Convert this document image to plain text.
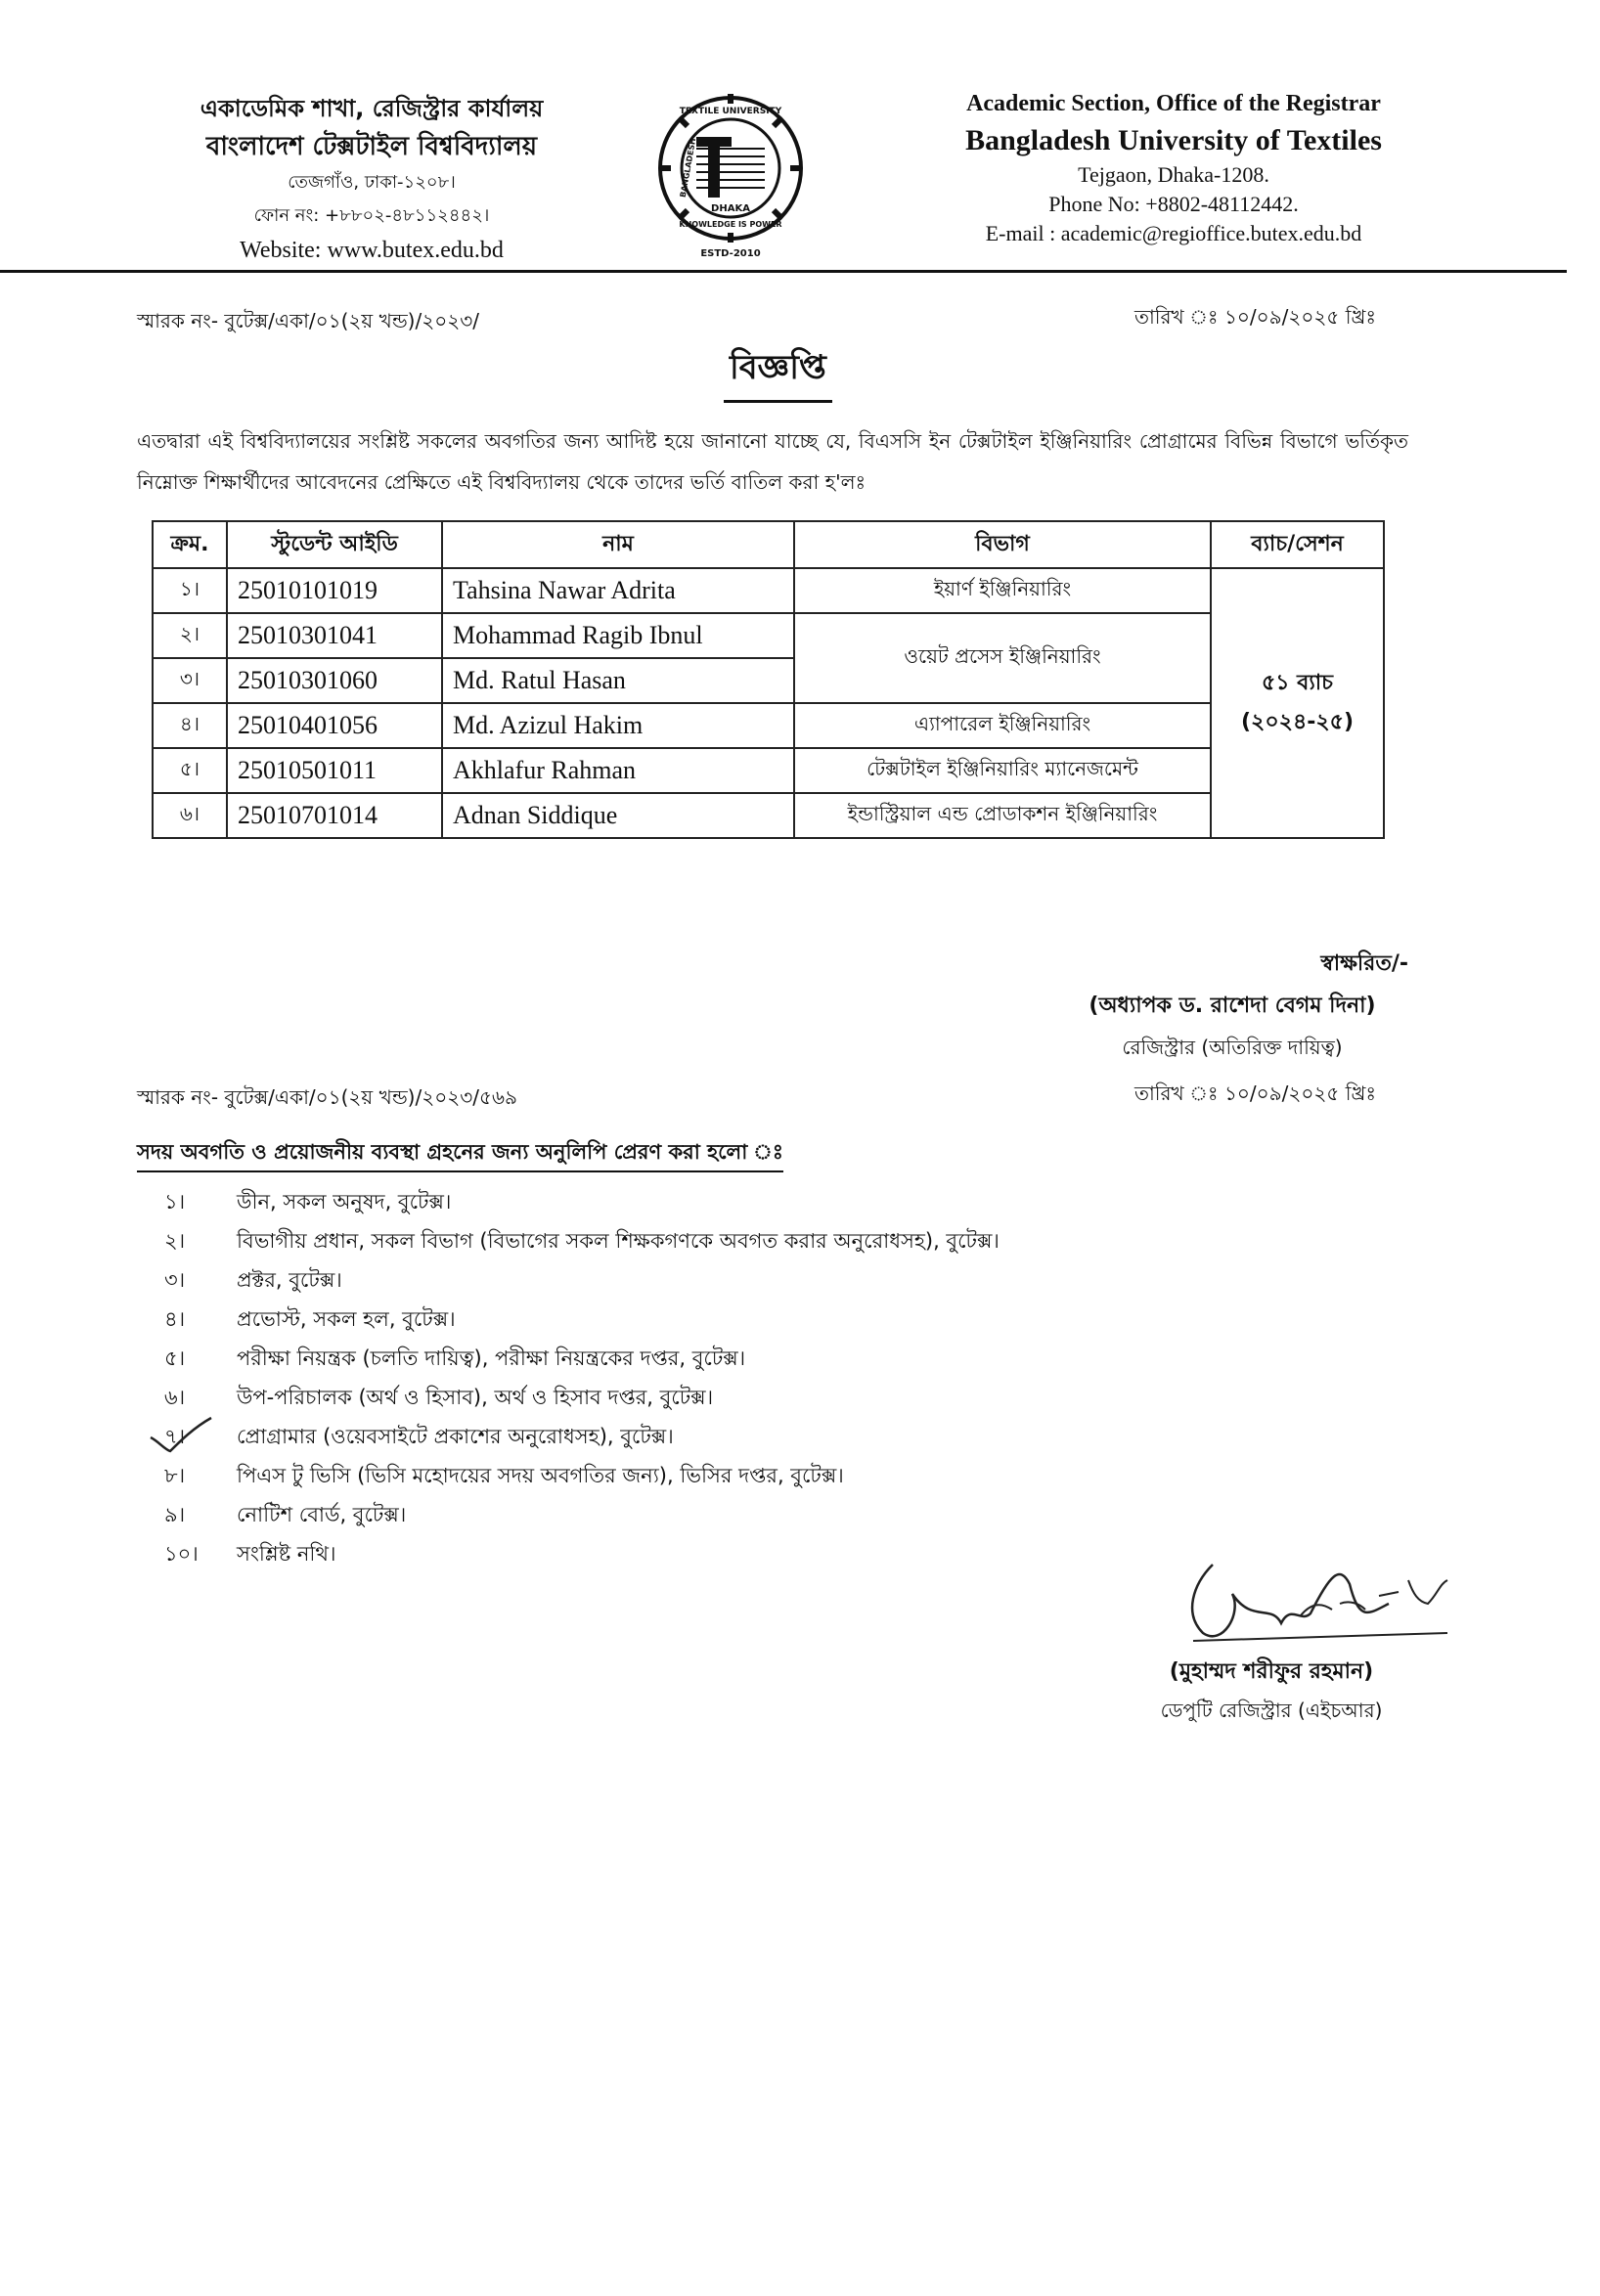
একাডেমিক শাখা, রেজিস্ট্রার কার্যালয়
বাংলাদেশ টেক্সটাইল বিশ্ববিদ্যালয়
তেজগাঁও, ঢাকা-১২০৮।
ফোন নং: +৮৮০২-৪৮১১২৪৪২।
Website: www.butex.edu.bd
TEXTILE UNIVERSITY
BANGLADESH
DHAKA
KNOWLEDGE IS POWER
ESTD-2010
Academic Section, Office of the Registrar
Bangladesh University of Textiles
Tejgaon, Dhaka-1208.
Phone No: +8802-48112442.
E-mail : academic@regioffice.butex.edu.bd
স্মারক নং- বুটেক্স/একা/০১(২য় খন্ড)/২০২৩/	তারিখ ঃ ১০/০৯/২০২৫ খ্রিঃ
বিজ্ঞপ্তি
এতদ্বারা এই বিশ্ববিদ্যালয়ের সংশ্লিষ্ট সকলের অবগতির জন্য আদিষ্ট হয়ে জানানো যাচ্ছে যে, বিএসসি ইন টেক্সটাইল ইঞ্জিনিয়ারিং প্রোগ্রামের বিভিন্ন বিভাগে ভর্তিকৃত নিম্নোক্ত শিক্ষার্থীদের আবেদনের প্রেক্ষিতে এই বিশ্ববিদ্যালয় থেকে তাদের ভর্তি বাতিল করা হ'লঃ
ক্রম.	স্টুডেন্ট আইডি	নাম	বিভাগ	ব্যাচ/সেশন
১।	25010101019	Tahsina Nawar Adrita	ইয়ার্ণ ইঞ্জিনিয়ারিং	৫১ ব্যাচ
(২০২৪-২৫)

২।	25010301041	Mohammad Ragib Ibnul	ওয়েট প্রসেস ইঞ্জিনিয়ারিং	
৩।	25010301060	Md. Ratul Hasan		
৪।	25010401056	Md. Azizul Hakim	এ্যাপারেল ইঞ্জিনিয়ারিং	
৫।	25010501011	Akhlafur Rahman	টেক্সটাইল ইঞ্জিনিয়ারিং ম্যানেজমেন্ট	
৬।	25010701014	Adnan Siddique	ইন্ডাস্ট্রিয়াল এন্ড প্রোডাকশন ইঞ্জিনিয়ারিং	
স্বাক্ষরিত/-
(অধ্যাপক ড. রাশেদা বেগম দিনা)
রেজিস্ট্রার (অতিরিক্ত দায়িত্ব)
স্মারক নং- বুটেক্স/একা/০১(২য় খন্ড)/২০২৩/৫৬৯	তারিখ ঃ ১০/০৯/২০২৫ খ্রিঃ
সদয় অবগতি ও প্রয়োজনীয় ব্যবস্থা গ্রহনের জন্য অনুলিপি প্রেরণ করা হলো ঃ
১।	ডীন, সকল অনুষদ, বুটেক্স।
২।	বিভাগীয় প্রধান, সকল বিভাগ (বিভাগের সকল শিক্ষকগণকে অবগত করার অনুরোধসহ), বুটেক্স।
৩।	প্রক্টর, বুটেক্স।
৪।	প্রভোস্ট, সকল হল, বুটেক্স।
৫।	পরীক্ষা নিয়ন্ত্রক (চলতি দায়িত্ব), পরীক্ষা নিয়ন্ত্রকের দপ্তর, বুটেক্স।
৬।	উপ-পরিচালক (অর্থ ও হিসাব), অর্থ ও হিসাব দপ্তর, বুটেক্স।
৭।	প্রোগ্রামার (ওয়েবসাইটে প্রকাশের অনুরোধসহ), বুটেক্স।
৮।	পিএস টু ভিসি (ভিসি মহোদয়ের সদয় অবগতির জন্য), ভিসির দপ্তর, বুটেক্স।
৯।	নোটিশ বোর্ড, বুটেক্স।
১০।	সংশ্লিষ্ট নথি।
(মুহাম্মদ শরীফুর রহমান)
ডেপুটি রেজিস্ট্রার (এইচআর)
